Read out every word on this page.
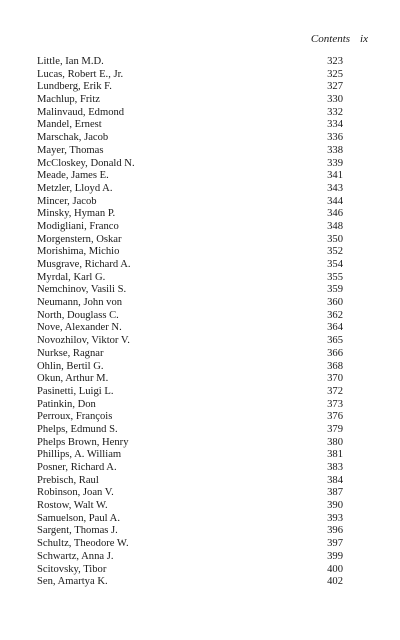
Contents ix
Little, Ian M.D.	323
Lucas, Robert E., Jr.	325
Lundberg, Erik F.	327
Machlup, Fritz	330
Malinvaud, Edmond	332
Mandel, Ernest	334
Marschak, Jacob	336
Mayer, Thomas	338
McCloskey, Donald N.	339
Meade, James E.	341
Metzler, Lloyd A.	343
Mincer, Jacob	344
Minsky, Hyman P.	346
Modigliani, Franco	348
Morgenstern, Oskar	350
Morishima, Michio	352
Musgrave, Richard A.	354
Myrdal, Karl G.	355
Nemchinov, Vasili S.	359
Neumann, John von	360
North, Douglass C.	362
Nove, Alexander N.	364
Novozhilov, Viktor V.	365
Nurkse, Ragnar	366
Ohlin, Bertil G.	368
Okun, Arthur M.	370
Pasinetti, Luigi L.	372
Patinkin, Don	373
Perroux, François	376
Phelps, Edmund S.	379
Phelps Brown, Henry	380
Phillips, A. William	381
Posner, Richard A.	383
Prebisch, Raul	384
Robinson, Joan V.	387
Rostow, Walt W.	390
Samuelson, Paul A.	393
Sargent, Thomas J.	396
Schultz, Theodore W.	397
Schwartz, Anna J.	399
Scitovsky, Tibor	400
Sen, Amartya K.	402
